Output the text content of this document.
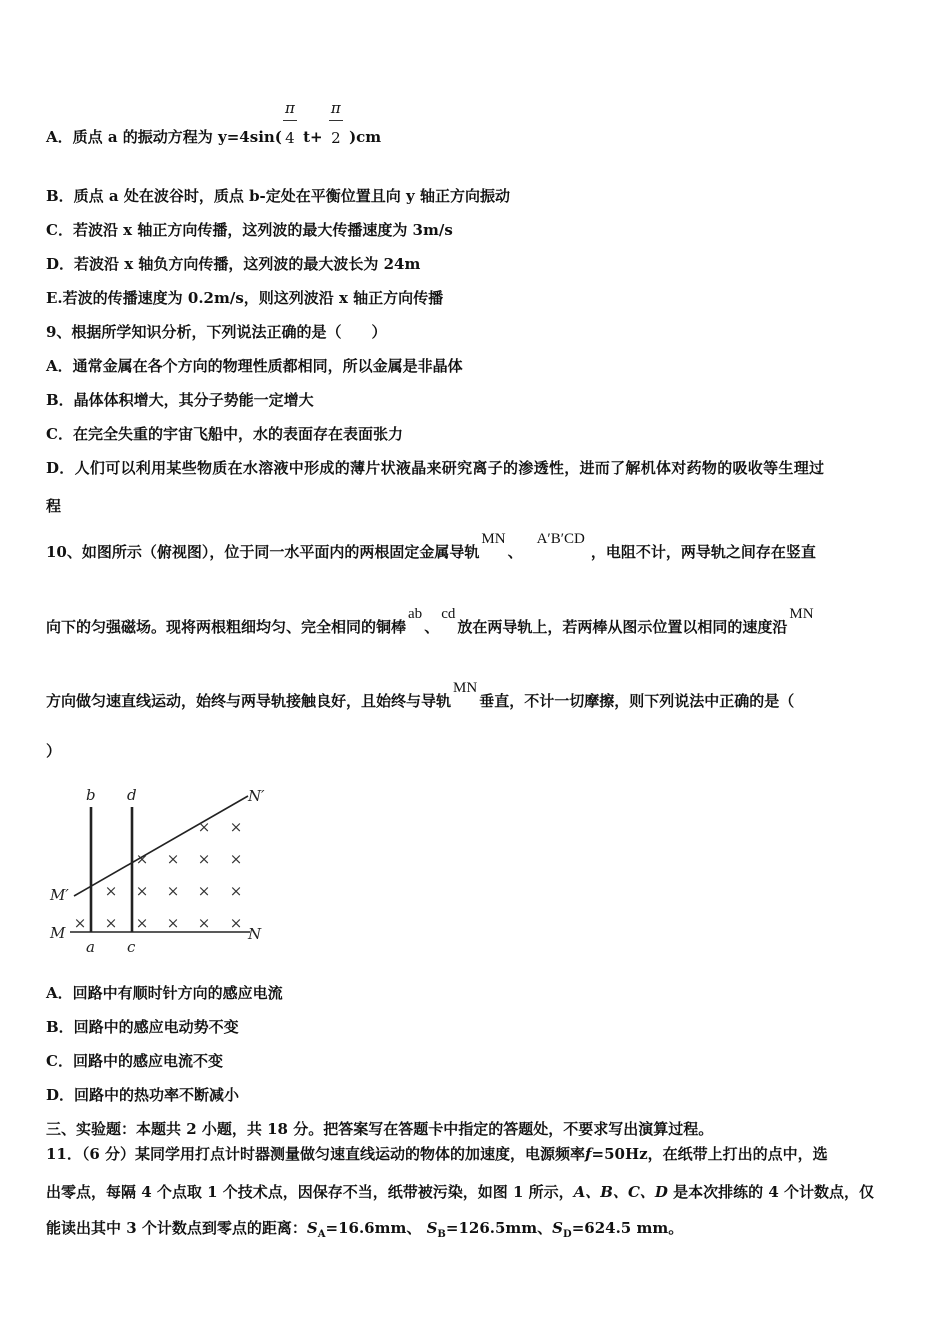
A．质点 a 的振动方程为 $y=4\sin( \frac{\pi}{4} t+ \frac{\pi}{2} )cm$
B．质点 a 处在波谷时，质点 b-定处在平衡位置且向 y 轴正方向振动
C．若波沿 x 轴正方向传播，这列波的最大传播速度为 3m/s
D．若波沿 x 轴负方向传播，这列波的最大波长为 24m
E.若波的传播速度为 0.2m/s，则这列波沿 x 轴正方向传播
9、根据所学知识分析，下列说法正确的是（　　）
A．通常金属在各个方向的物理性质都相同，所以金属是非晶体
B．晶体体积增大，其分子势能一定增大
C．在完全失重的宇宙飞船中，水的表面存在表面张力
D．人们可以利用某些物质在水溶液中形成的薄片状液晶来研究离子的渗透性，进而了解机体对药物的吸收等生理过
程
10、如图所示（俯视图），位于同一水平面内的两根固定金属导轨MN、A′B′CD，电阻不计，两导轨之间存在竖直
向下的匀强磁场。现将两根粗细均匀、完全相同的铜棒ab、cd放在两导轨上，若两棒从图示位置以相同的速度沿MN
方向做匀速直线运动，始终与两导轨接触良好，且始终与导轨MN垂直，不计一切摩擦，则下列说法中正确的是（
）
× × × × × ×
× × × × ×
× × × ×
× ×
b d	N′
M′
M
a c
N
A．回路中有顺时针方向的感应电流
B．回路中的感应电动势不变
C．回路中的感应电流不变
D．回路中的热功率不断减小
三、实验题：本题共 2 小题，共 18 分。把答案写在答题卡中指定的答题处，不要求写出演算过程。
11．（6 分）某同学用打点计时器测量做匀速直线运动的物体的加速度，电源频率f=50Hz，在纸带上打出的点中，选
出零点，每隔 4 个点取 1 个技术点，因保存不当，纸带被污染，如图 1 所示，A、B、C、D 是本次排练的 4 个计数点，仅
能读出其中 3 个计数点到零点的距离：$S_A=16.6mm$、 $S_B=126.5mm$、$S_D=624.5$ mm。
